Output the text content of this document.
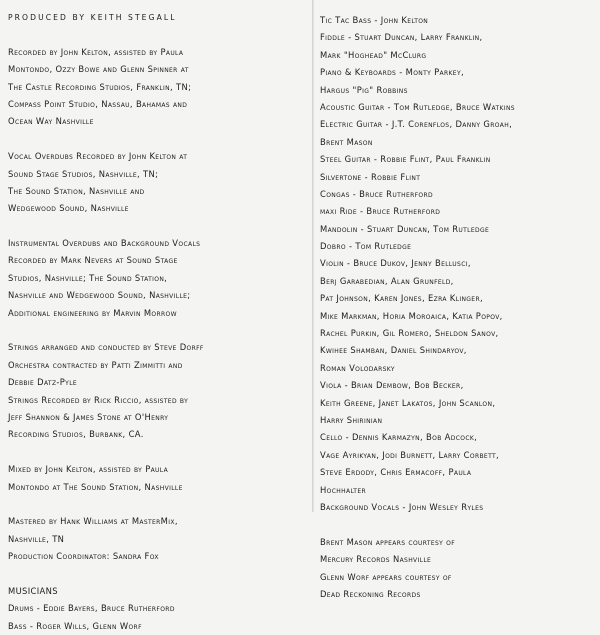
PRODUCED BY KEITH STEGALL
Recorded by John Kelton, assisted by Paula
Montondo, Ozzy Bowe and Glenn Spinner at
The Castle Recording Studios, Franklin, TN;
Compass Point Studio, Nassau, Bahamas and
Ocean Way Nashville
Vocal Overdubs Recorded by John Kelton at
Sound Stage Studios, Nashville, TN;
The Sound Station, Nashville and
Wedgewood Sound, Nashville
Instrumental Overdubs and Background Vocals
Recorded by Mark Nevers at Sound Stage
Studios, Nashville; The Sound Station,
Nashville and Wedgewood Sound, Nashville;
Additional engineering by Marvin Morrow
Strings arranged and conducted by Steve Dorff
Orchestra contracted by Patti Zimmitti and
Debbie Datz-Pyle
Strings Recorded by Rick Riccio, assisted by
Jeff Shannon & James Stone at O'Henry
Recording Studios, Burbank, CA.
Mixed by John Kelton, assisted by Paula
Montondo at The Sound Station, Nashville
Mastered by Hank Williams at MasterMix,
Nashville, TN
Production Coordinator: Sandra Fox
MUSICIANS
Drums - Eddie Bayers, Bruce Rutherford
Bass - Roger Wills, Glenn Worf
Tic Tac Bass - John Kelton
Fiddle - Stuart Duncan, Larry Franklin,
Mark "Hoghead" McClurg
Piano & Keyboards - Monty Parkey,
Hargus "Pig" Robbins
Acoustic Guitar - Tom Rutledge, Bruce Watkins
Electric Guitar - J.T. Corenflos, Danny Groah,
Brent Mason
Steel Guitar - Robbie Flint, Paul Franklin
Silvertone - Robbie Flint
Congas - Bruce Rutherford
maxi Ride - Bruce Rutherford
Mandolin - Stuart Duncan, Tom Rutledge
Dobro - Tom Rutledge
Violin - Bruce Dukov, Jenny Bellusci,
Berj Garabedian, Alan Grunfeld,
Pat Johnson, Karen Jones, Ezra Klinger,
Mike Markman, Horia Moroaica, Katia Popov,
Rachel Purkin, Gil Romero, Sheldon Sanov,
Kwihee Shamban, Daniel Shindaryov,
Roman Volodarsky
Viola - Brian Dembow, Bob Becker,
Keith Greene, Janet Lakatos, John Scanlon,
Harry Shirinian
Cello - Dennis Karmazyn, Bob Adcock,
Vage Ayrikyan, Jodi Burnett, Larry Corbett,
Steve Erdody, Chris Ermacoff, Paula
Hochhalter
Background Vocals - John Wesley Ryles
Brent Mason appears courtesy of
Mercury Records Nashville
Glenn Worf appears courtesy of
Dead Reckoning Records
